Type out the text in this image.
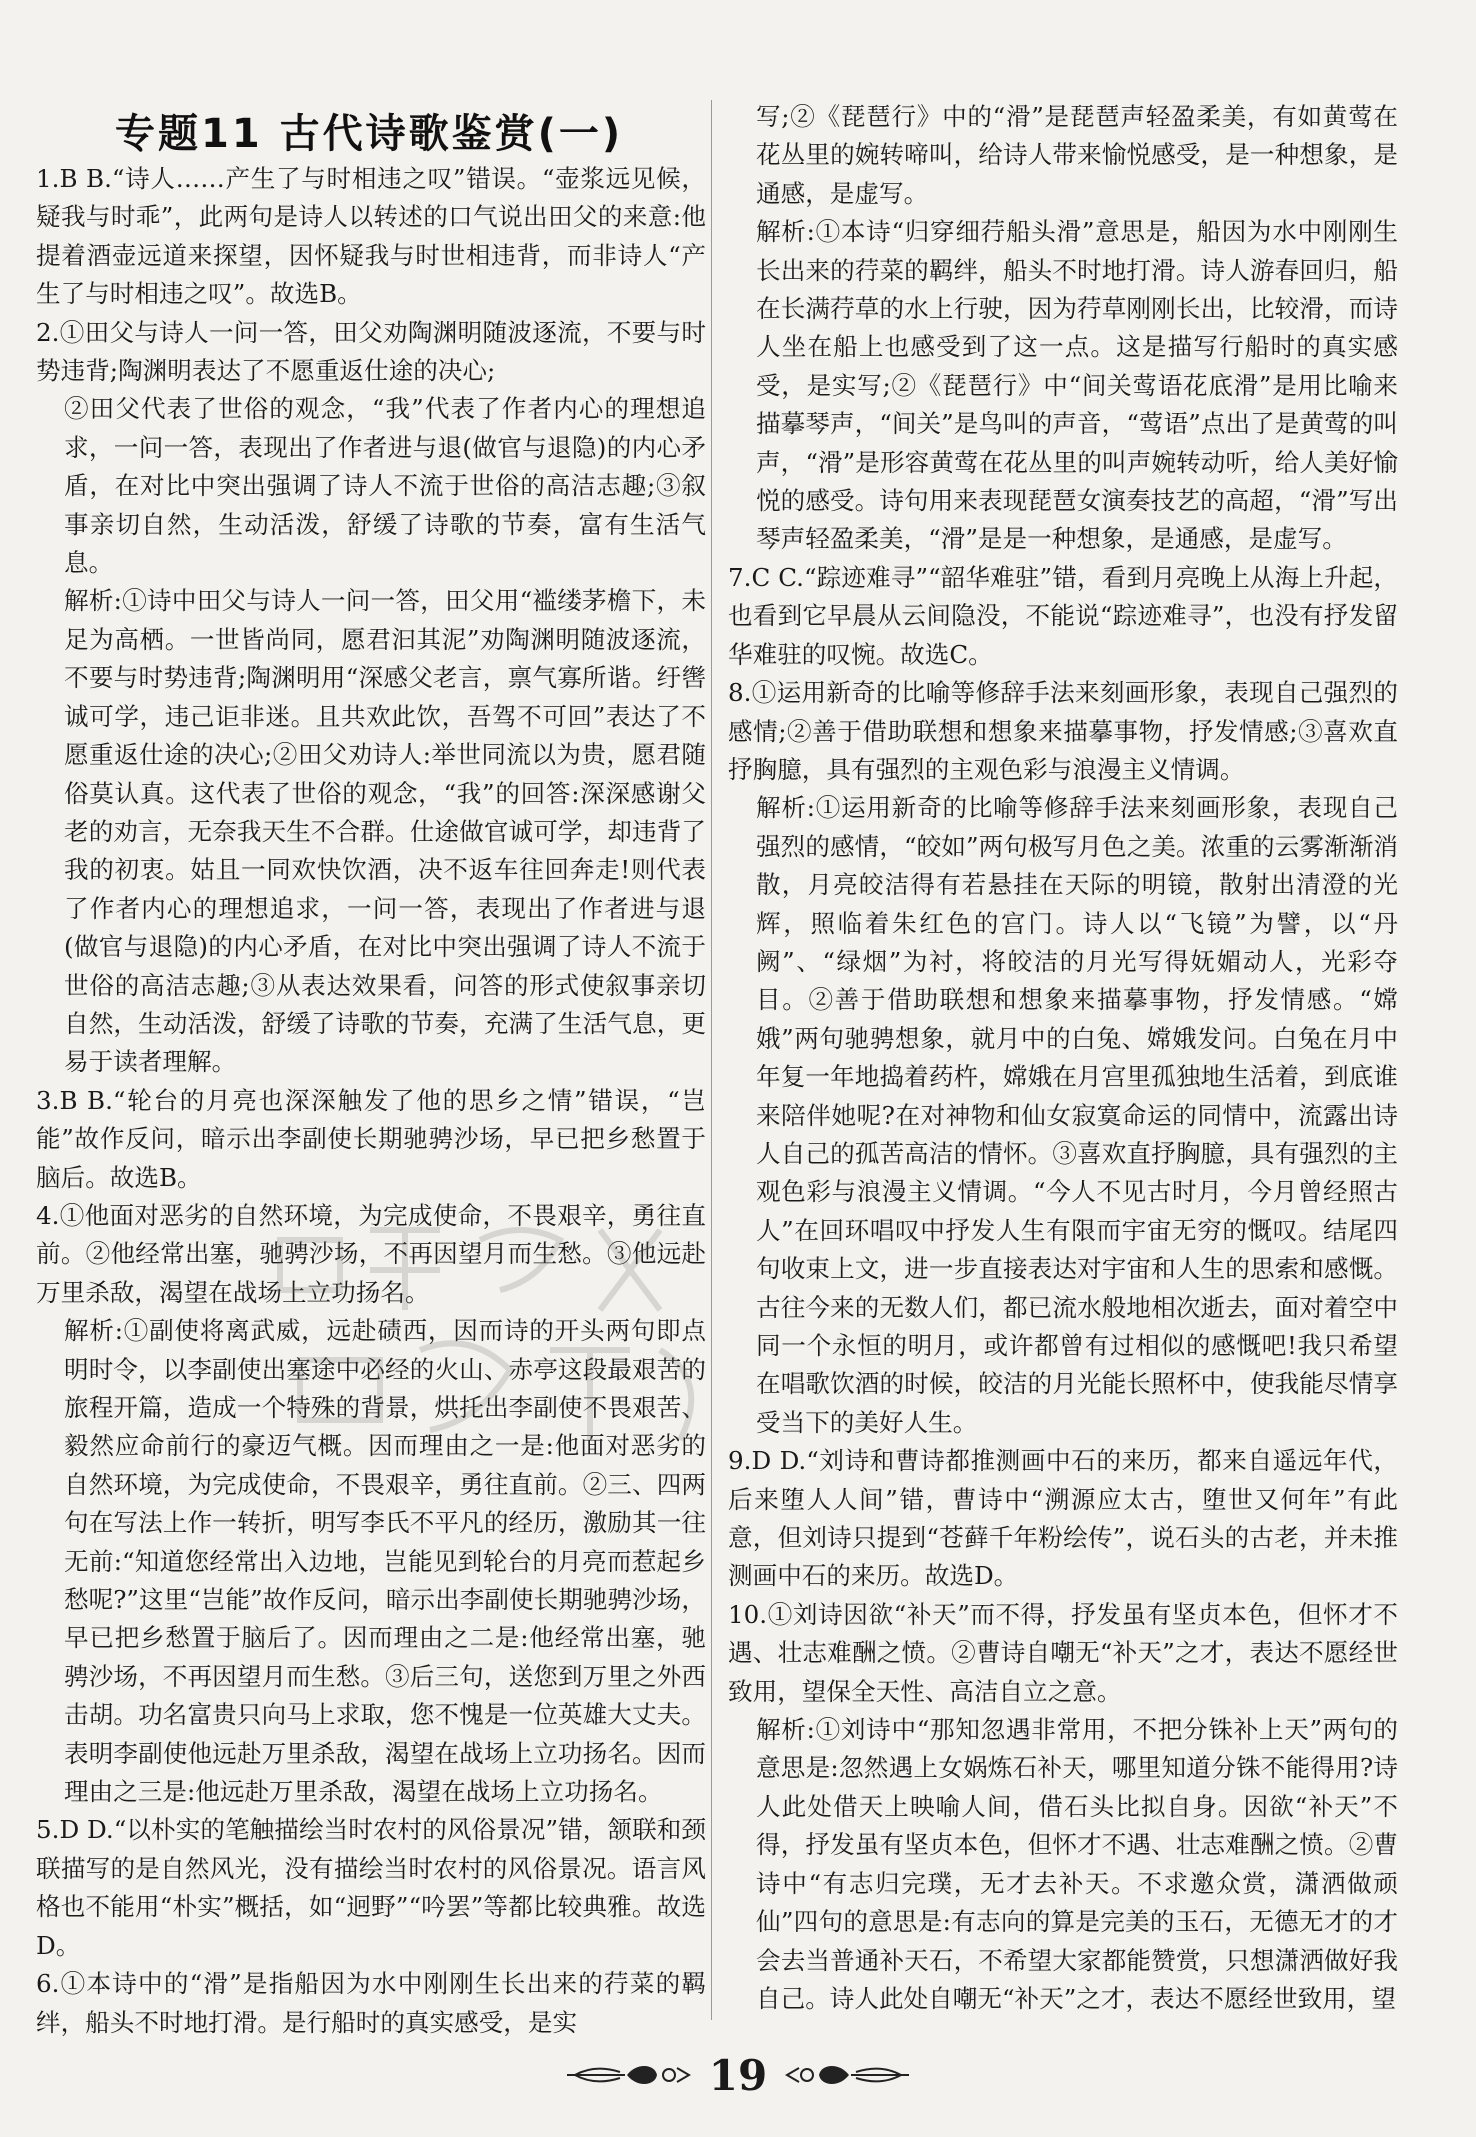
专题11 古代诗歌鉴赏(一)

1.B B.“诗人……产生了与时相违之叹”错误。“壶浆远见候，疑我与时乖”，此两句是诗人以转述的口气说出田父的来意:他提着酒壶远道来探望，因怀疑我与时世相违背，而非诗人“产生了与时相违之叹”。故选B。

2.①田父与诗人一问一答，田父劝陶渊明随波逐流，不要与时势违背;陶渊明表达了不愿重返仕途的决心;

②田父代表了世俗的观念，“我”代表了作者内心的理想追求，一问一答，表现出了作者进与退(做官与退隐)的内心矛盾，在对比中突出强调了诗人不流于世俗的高洁志趣;③叙事亲切自然，生动活泼，舒缓了诗歌的节奏，富有生活气息。

解析:①诗中田父与诗人一问一答，田父用“褴缕茅檐下，未足为高栖。一世皆尚同，愿君汩其泥”劝陶渊明随波逐流，不要与时势违背;陶渊明用“深感父老言，禀气寡所谐。纡辔诚可学，违己讵非迷。且共欢此饮，吾驾不可回”表达了不愿重返仕途的决心;②田父劝诗人:举世同流以为贵，愿君随俗莫认真。这代表了世俗的观念，“我”的回答:深深感谢父老的劝言，无奈我天生不合群。仕途做官诚可学，却违背了我的初衷。姑且一同欢快饮酒，决不返车往回奔走!则代表了作者内心的理想追求，一问一答，表现出了作者进与退(做官与退隐)的内心矛盾，在对比中突出强调了诗人不流于世俗的高洁志趣;③从表达效果看，问答的形式使叙事亲切自然，生动活泼，舒缓了诗歌的节奏，充满了生活气息，更易于读者理解。

3.B B.“轮台的月亮也深深触发了他的思乡之情”错误，“岂能”故作反问，暗示出李副使长期驰骋沙场，早已把乡愁置于脑后。故选B。

4.①他面对恶劣的自然环境，为完成使命，不畏艰辛，勇往直前。②他经常出塞，驰骋沙场，不再因望月而生愁。③他远赴万里杀敌，渴望在战场上立功扬名。

解析:①副使将离武威，远赴碛西，因而诗的开头两句即点明时令，以李副使出塞途中必经的火山、赤亭这段最艰苦的旅程开篇，造成一个特殊的背景，烘托出李副使不畏艰苦、毅然应命前行的豪迈气概。因而理由之一是:他面对恶劣的自然环境，为完成使命，不畏艰辛，勇往直前。②三、四两句在写法上作一转折，明写李氏不平凡的经历，激励其一往无前:“知道您经常出入边地，岂能见到轮台的月亮而惹起乡愁呢?”这里“岂能”故作反问，暗示出李副使长期驰骋沙场，早已把乡愁置于脑后了。因而理由之二是:他经常出塞，驰骋沙场，不再因望月而生愁。③后三句，送您到万里之外西击胡。功名富贵只向马上求取，您不愧是一位英雄大丈夫。表明李副使他远赴万里杀敌，渴望在战场上立功扬名。因而理由之三是:他远赴万里杀敌，渴望在战场上立功扬名。

5.D D.“以朴实的笔触描绘当时农村的风俗景况”错，颔联和颈联描写的是自然风光，没有描绘当时农村的风俗景况。语言风格也不能用“朴实”概括，如“迥野”“吟罢”等都比较典雅。故选D。

6.①本诗中的“滑”是指船因为水中刚刚生长出来的荇菜的羁绊，船头不时地打滑。是行船时的真实感受，是实

写;②《琵琶行》中的“滑”是琵琶声轻盈柔美，有如黄莺在花丛里的婉转啼叫，给诗人带来愉悦感受，是一种想象，是通感，是虚写。

解析:①本诗“归穿细荇船头滑”意思是，船因为水中刚刚生长出来的荇菜的羁绊，船头不时地打滑。诗人游春回归，船在长满荇草的水上行驶，因为荇草刚刚长出，比较滑，而诗人坐在船上也感受到了这一点。这是描写行船时的真实感受，是实写;②《琵琶行》中“间关莺语花底滑”是用比喻来描摹琴声，“间关”是鸟叫的声音，“莺语”点出了是黄莺的叫声，“滑”是形容黄莺在花丛里的叫声婉转动听，给人美好愉悦的感受。诗句用来表现琵琶女演奏技艺的高超，“滑”写出琴声轻盈柔美，“滑”是是一种想象，是通感，是虚写。

7.C C.“踪迹难寻”“韶华难驻”错，看到月亮晚上从海上升起，也看到它早晨从云间隐没，不能说“踪迹难寻”，也没有抒发留华难驻的叹惋。故选C。

8.①运用新奇的比喻等修辞手法来刻画形象，表现自己强烈的感情;②善于借助联想和想象来描摹事物，抒发情感;③喜欢直抒胸臆，具有强烈的主观色彩与浪漫主义情调。

解析:①运用新奇的比喻等修辞手法来刻画形象，表现自己强烈的感情，“皎如”两句极写月色之美。浓重的云雾渐渐消散，月亮皎洁得有若悬挂在天际的明镜，散射出清澄的光辉，照临着朱红色的宫门。诗人以“飞镜”为譬，以“丹阙”、“绿烟”为衬，将皎洁的月光写得妩媚动人，光彩夺目。②善于借助联想和想象来描摹事物，抒发情感。“嫦娥”两句驰骋想象，就月中的白兔、嫦娥发问。白兔在月中年复一年地捣着药杵，嫦娥在月宫里孤独地生活着，到底谁来陪伴她呢?在对神物和仙女寂寞命运的同情中，流露出诗人自己的孤苦高洁的情怀。③喜欢直抒胸臆，具有强烈的主观色彩与浪漫主义情调。“今人不见古时月，今月曾经照古人”在回环唱叹中抒发人生有限而宇宙无穷的慨叹。结尾四句收束上文，进一步直接表达对宇宙和人生的思索和感慨。古往今来的无数人们，都已流水般地相次逝去，面对着空中同一个永恒的明月，或许都曾有过相似的感慨吧!我只希望在唱歌饮酒的时候，皎洁的月光能长照杯中，使我能尽情享受当下的美好人生。

9.D D.“刘诗和曹诗都推测画中石的来历，都来自遥远年代，后来堕人人间”错，曹诗中“溯源应太古，堕世又何年”有此意，但刘诗只提到“苍藓千年粉绘传”，说石头的古老，并未推测画中石的来历。故选D。

10.①刘诗因欲“补天”而不得，抒发虽有坚贞本色，但怀才不遇、壮志难酬之愤。②曹诗自嘲无“补天”之才，表达不愿经世致用，望保全天性、高洁自立之意。

解析:①刘诗中“那知忽遇非常用，不把分铢补上天”两句的意思是:忽然遇上女娲炼石补天，哪里知道分铢不能得用?诗人此处借天上映喻人间，借石头比拟自身。因欲“补天”不得，抒发虽有坚贞本色，但怀才不遇、壮志难酬之愤。②曹诗中“有志归完璞，无才去补天。不求邀众赏，潇洒做顽仙”四句的意思是:有志向的算是完美的玉石，无德无才的才会去当普通补天石，不希望大家都能赞赏，只想潇洒做好我自己。诗人此处自嘲无“补天”之才，表达不愿经世致用，望

19
